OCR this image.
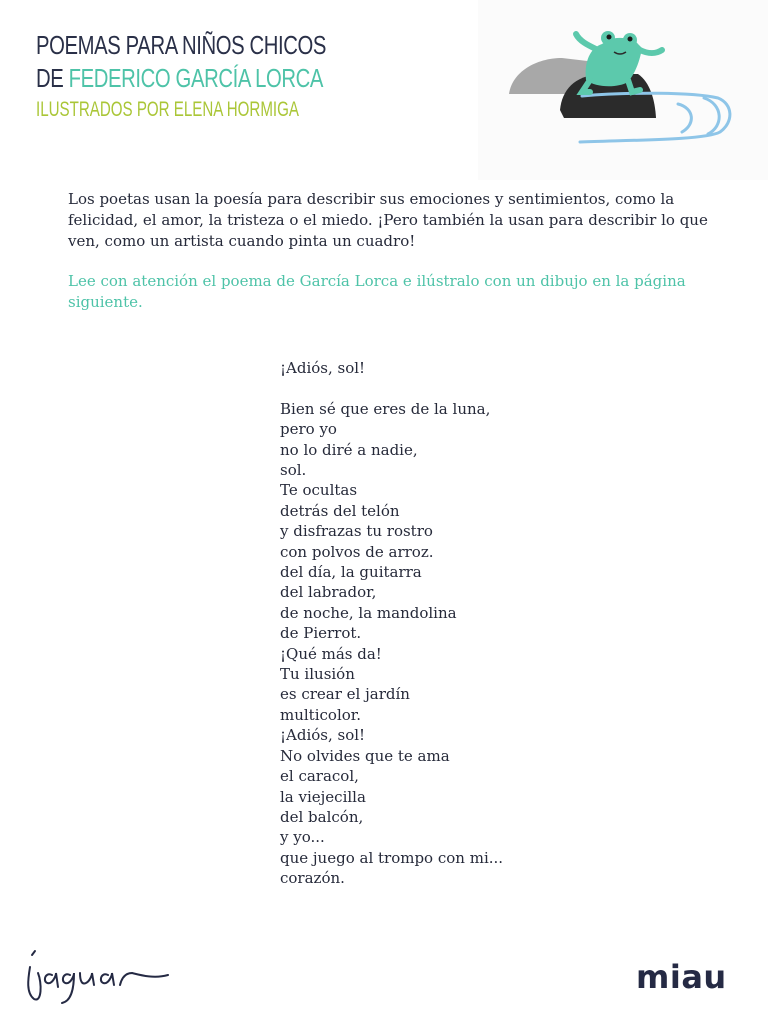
POEMAS PARA NIÑOS CHICOS
DE FEDERICO GARCÍA LORCA
ILUSTRADOS POR ELENA HORMIGA

Los poetas usan la poesía para describir sus emociones y sentimientos, como la felicidad, el amor, la tristeza o el miedo. ¡Pero también la usan para describir lo que ven, como un artista cuando pinta un cuadro!

Lee con atención el poema de García Lorca e ilústralo con un dibujo en la página siguiente.

¡Adiós, sol!
Bien sé que eres de la luna,
pero yo
no lo diré a nadie,
sol.
Te ocultas
detrás del telón
y disfrazas tu rostro
con polvos de arroz.
del día, la guitarra
del labrador,
de noche, la mandolina
de Pierrot.
¡Qué más da!
Tu ilusión
es crear el jardín
multicolor.
¡Adiós, sol!
No olvides que te ama
el caracol,
la viejecilla
del balcón,
y yo...
que juego al trompo con mi...
corazón.
miau
